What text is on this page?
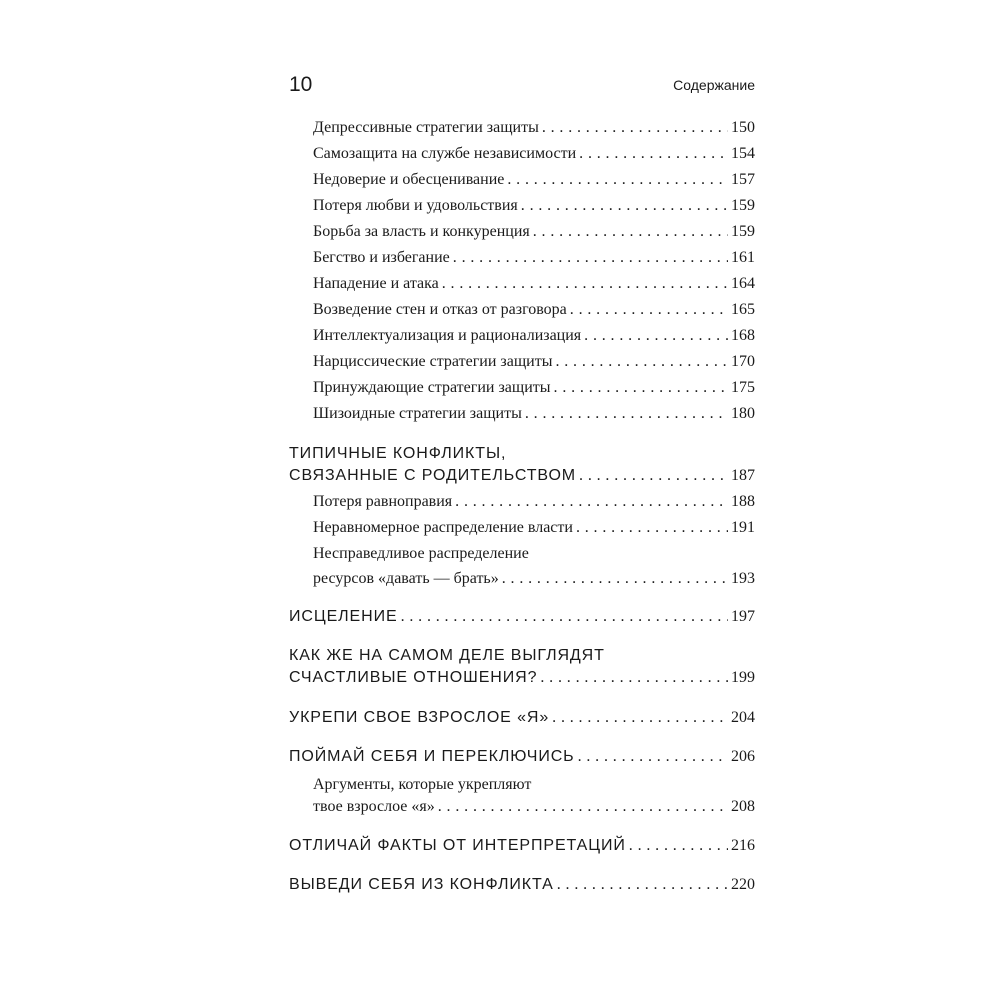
10	Содержание
Депрессивные стратегии защиты . . .	150
Самозащита на службе независимости . . .	154
Недоверие и обесценивание . . .	157
Потеря любви и удовольствия . . .	159
Борьба за власть и конкуренция . . .	159
Бегство и избегание . . .	161
Нападение и атака . . .	164
Возведение стен и отказ от разговора . . .	165
Интеллектуализация и рационализация . . .	168
Нарциссические стратегии защиты . . .	170
Принуждающие стратегии защиты . . .	175
Шизоидные стратегии защиты . . .	180
ТИПИЧНЫЕ КОНФЛИКТЫ,
СВЯЗАННЫЕ С РОДИТЕЛЬСТВОМ . . .	187
Потеря равноправия . . .	188
Неравномерное распределение власти . . .	191
Несправедливое распределение
ресурсов «давать — брать» . . .	193
ИСЦЕЛЕНИЕ . . .	197
КАК ЖЕ НА САМОМ ДЕЛЕ ВЫГЛЯДЯТ
СЧАСТЛИВЫЕ ОТНОШЕНИЯ? . . .	199
УКРЕПИ СВОЕ ВЗРОСЛОЕ «Я» . . .	204
ПОЙМАЙ СЕБЯ И ПЕРЕКЛЮЧИСЬ . . .	206
Аргументы, которые укрепляют
твое взрослое «я» . . .	208
ОТЛИЧАЙ ФАКТЫ ОТ ИНТЕРПРЕТАЦИЙ . . .	216
ВЫВЕДИ СЕБЯ ИЗ КОНФЛИКТА . . .	220
